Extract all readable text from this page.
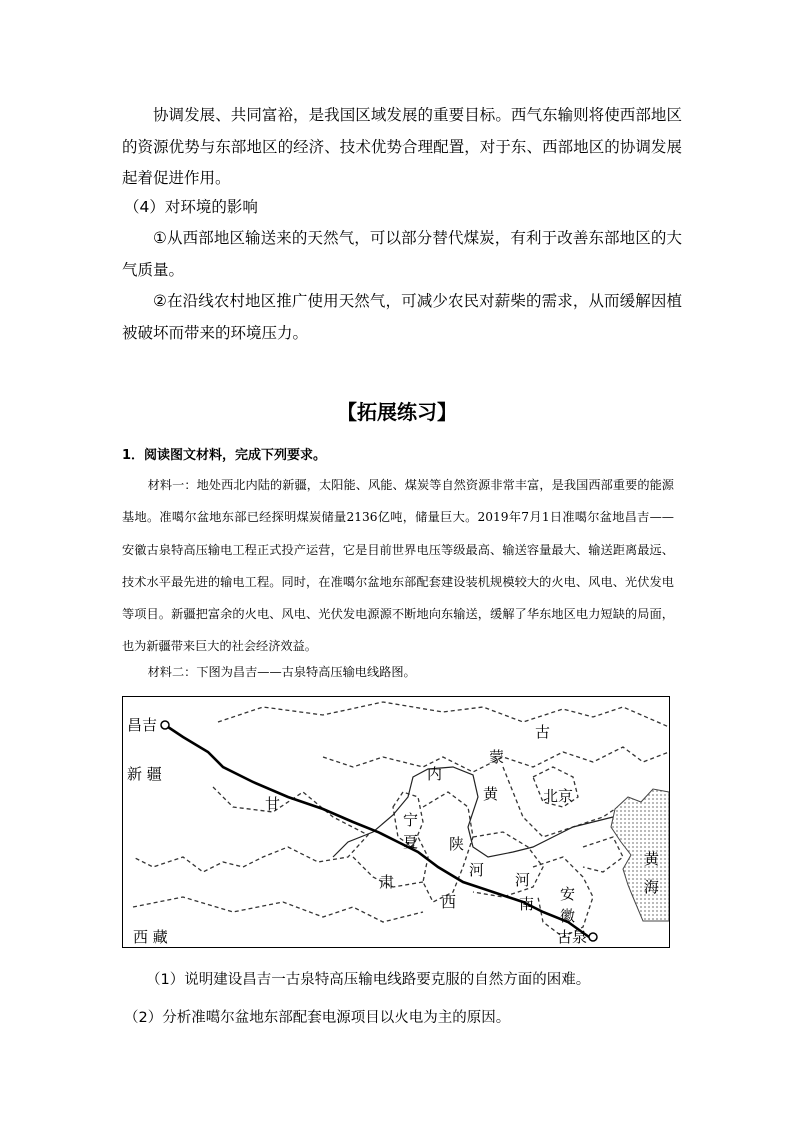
协调发展、共同富裕，是我国区域发展的重要目标。西气东输则将使西部地区的资源优势与东部地区的经济、技术优势合理配置，对于东、西部地区的协调发展起着促进作用。

（4）对环境的影响

①从西部地区输送来的天然气，可以部分替代煤炭，有利于改善东部地区的大气质量。

②在沿线农村地区推广使用天然气，可减少农民对薪柴的需求，从而缓解因植被破坏而带来的环境压力。

【拓展练习】
1．阅读图文材料，完成下列要求。

材料一：地处西北内陆的新疆，太阳能、风能、煤炭等自然资源非常丰富，是我国西部重要的能源基地。准噶尔盆地东部已经探明煤炭储量2136亿吨，储量巨大。2019年7月1日准噶尔盆地昌吉——安徽古泉特高压输电工程正式投产运营，它是目前世界电压等级最高、输送容量最大、输送距离最远、技术水平最先进的输电工程。同时，在准噶尔盆地东部配套建设装机规模较大的火电、风电、光伏发电等项目。新疆把富余的火电、风电、光伏发电源源不断地向东输送，缓解了华东地区电力短缺的局面，也为新疆带来巨大的社会经济效益。

材料二：下图为昌吉——古泉特高压输电线路图。

昌吉
古泉
古
蒙
内
新 疆
甘
宁
夏 陕
肃
西
西 藏
黄
河
北京
河
南
安
徽
黄
海
（1）说明建设昌吉一古泉特高压输电线路要克服的自然方面的困难。
（2）分析准噶尔盆地东部配套电源项目以火电为主的原因。
